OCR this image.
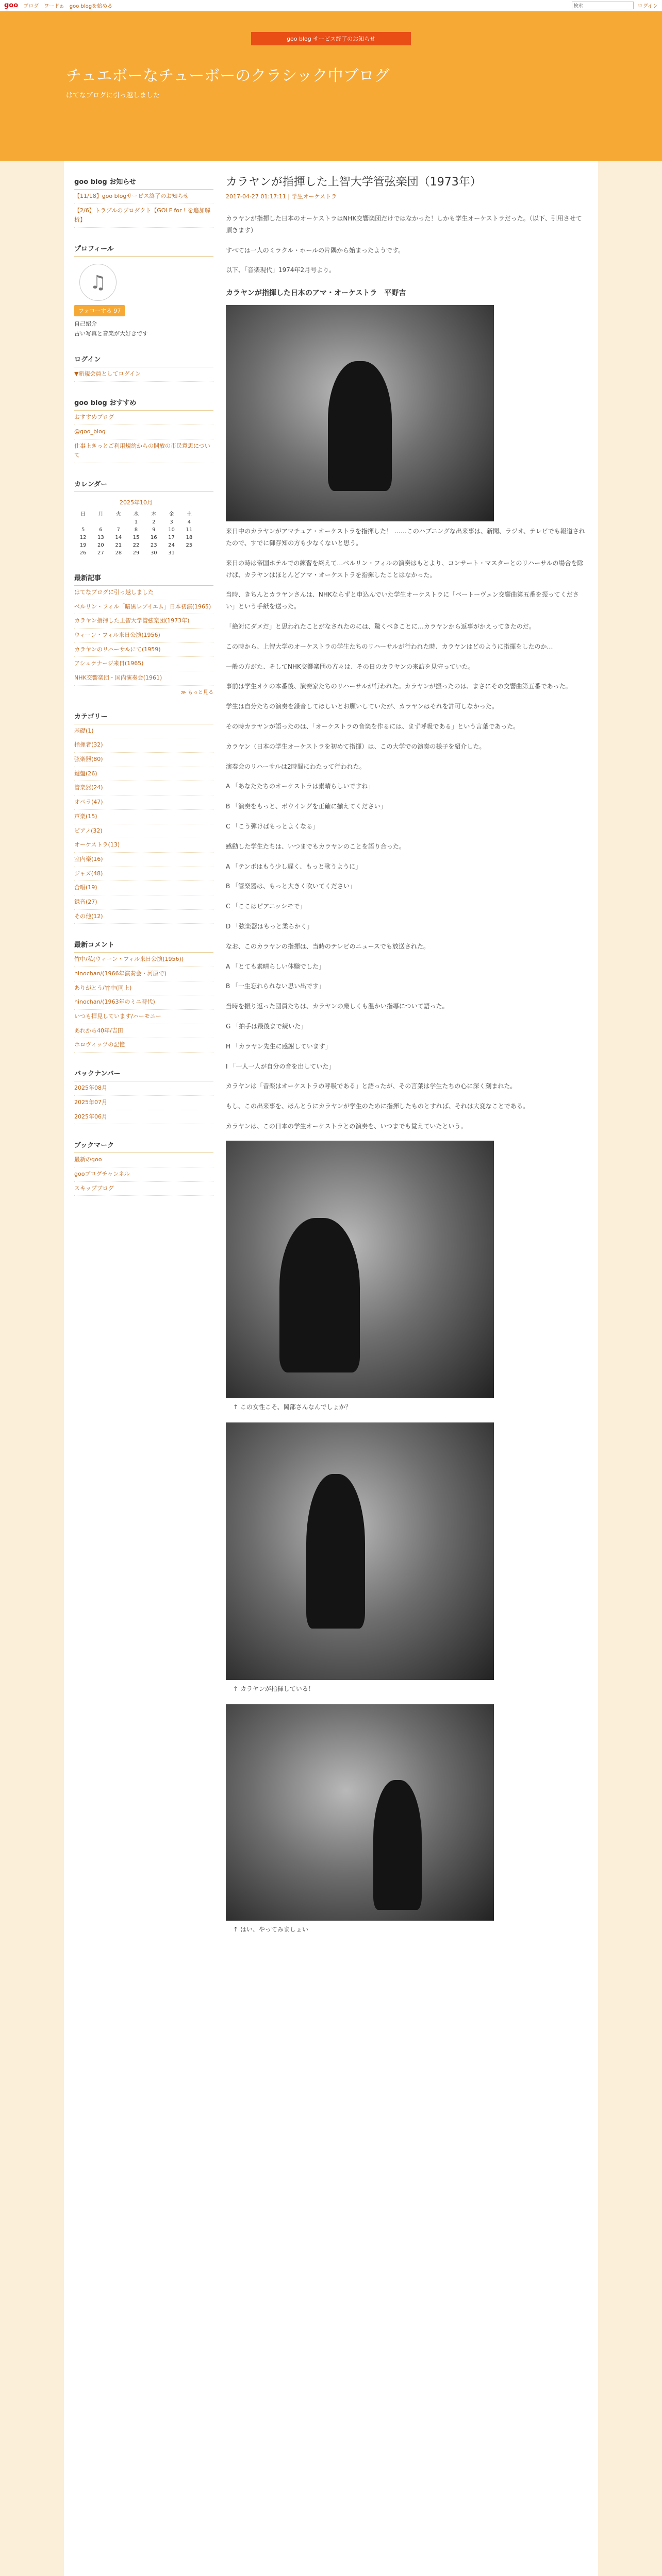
goo ブログ ワードぁ goo blogを始める
検索	ログイン
goo blog サービス終了のお知らせ
チュエボーなチューボーのクラシック中ブログ
はてなブログに引っ越しました
goo blog お知らせ
【11/18】goo blogサービス終了のお知らせ
【2/6】トラブルのプロダクト【GOLF for ! を追加解析】
プロフィール
♫
フォローする 97
自己紹介
古い写真と音楽が大好きです
ログイン
▼新規会員としてログイン
goo blog おすすめ
おすすめブログ
@goo_blog
仕事上きっとご利用規約からの開放の市民意思について
カレンダー
2025年10月
日	月	火	水	木	金	土
			1	2	3	4
5	6	7	8	9	10	11
12	13	14	15	16	17	18
19	20	21	22	23	24	25
26	27	28	29	30	31	
最新記事
はてなブログに引っ越しました
ベルリン・フィル「暗黒レプイエム」日本初演(1965)
カラヤン指揮した上智大学管弦楽団(1973年)
ウィーン・フィル来日公演(1956)
カラヤンのリハーサルにて(1959)
アシュケナージ来日(1965)
NHK交響楽団・国内演奏会(1961)
≫ もっと見る
カテゴリー
基礎(1)
指揮者(32)
弦楽器(80)
鍵盤(26)
管楽器(24)
オペラ(47)
声楽(15)
ピアノ(32)
オーケストラ(13)
室内楽(16)
ジャズ(48)
合唱(19)
録音(27)
その他(12)
最新コメント
竹中/私(ウィーン・フィル来日公演(1956))
hinochan/(1966年演奏会・河原で)
ありがとう/竹中(同上)
hinochan/(1963年のミニ時代)
いつも拝見しています/ハーモニー
あれから40年/吉田
ホロヴィッツの記憶
バックナンバー
2025年08月
2025年07月
2025年06月
ブックマーク
最新のgoo
gooブログチャンネル
スキップブログ
カラヤンが指揮した上智大学管弦楽団（1973年）
2017-04-27 01:17:11 | 学生オーケストラ

カラヤンが指揮した日本のオーケストラはNHK交響楽団だけではなかった！しかも学生オーケストラだった。（以下、引用させて頂きます）

すべては一人のミラクル・ホールの片隅から始まったようです。

以下、「音楽現代」1974年2月号より。

カラヤンが指揮した日本のアマ・オーケストラ　平野吉

来日中のカラヤンがアマチュア・オーケストラを指揮した！ ……このハプニングな出来事は、新聞、ラジオ、テレビでも報道されたので、すでに御存知の方も少なくないと思う。

来日の時は帝国ホテルでの練習を終えて…ベルリン・フィルの演奏はもとより、コンサート・マスターとのリハーサルの場合を除けば、カラヤンはほとんどアマ・オーケストラを指揮したことはなかった。

当時、きちんとカラヤンさんは、NHKならずと申込んでいた学生オーケストラに「ベートーヴェン交響曲第五番を振ってください」という手紙を送った。

「絶対にダメだ」と思われたことがなされたのには、驚くべきことに…カラヤンから返事がかえってきたのだ。

この時から、上智大学のオーケストラの学生たちのリハーサルが行われた時、カラヤンはどのように指揮をしたのか…

一般の方がた、そしてNHK交響楽団の方々は、その日のカラヤンの来訪を見守っていた。

事前は学生オケの本番後、演奏家たちのリハーサルが行われた。カラヤンが振ったのは、まさにその交響曲第五番であった。

学生は自分たちの演奏を録音してほしいとお願いしていたが、カラヤンはそれを許可しなかった。

その時カラヤンが語ったのは、「オーケストラの音楽を作るには、まず呼吸である」という言葉であった。

カラヤン（日本の学生オーケストラを初めて指揮）は、この大学での演奏の様子を紹介した。

演奏会のリハーサルは2時間にわたって行われた。

A 「あなたたちのオーケストラは素晴らしいですね」

B 「演奏をもっと、ボウイングを正確に揃えてください」

C 「こう弾けばもっとよくなる」

感動した学生たちは、いつまでもカラヤンのことを語り合った。

A 「テンポはもう少し遅く、もっと歌うように」

B 「管楽器は、もっと大きく吹いてください」

C 「ここはピアニッシモで」

D 「弦楽器はもっと柔らかく」

なお、このカラヤンの指揮は、当時のテレビのニュースでも放送された。

A 「とても素晴らしい体験でした」

B 「一生忘れられない思い出です」

当時を振り返った団員たちは、カラヤンの厳しくも温かい指導について語った。

G 「拍手は最後まで続いた」

H 「カラヤン先生に感謝しています」

I 「一人一人が自分の音を出していた」

カラヤンは「音楽はオーケストラの呼吸である」と語ったが、その言葉は学生たちの心に深く刻まれた。

もし、この出来事を、ほんとうにカラヤンが学生のために指揮したものとすれば、それは大変なことである。

カラヤンは、この日本の学生オーケストラとの演奏を、いつまでも覚えていたという。

↑ この女性こそ、岡部さんなんでしょか？
↑ カラヤンが指揮している！
↑ はい、やってみましょい
